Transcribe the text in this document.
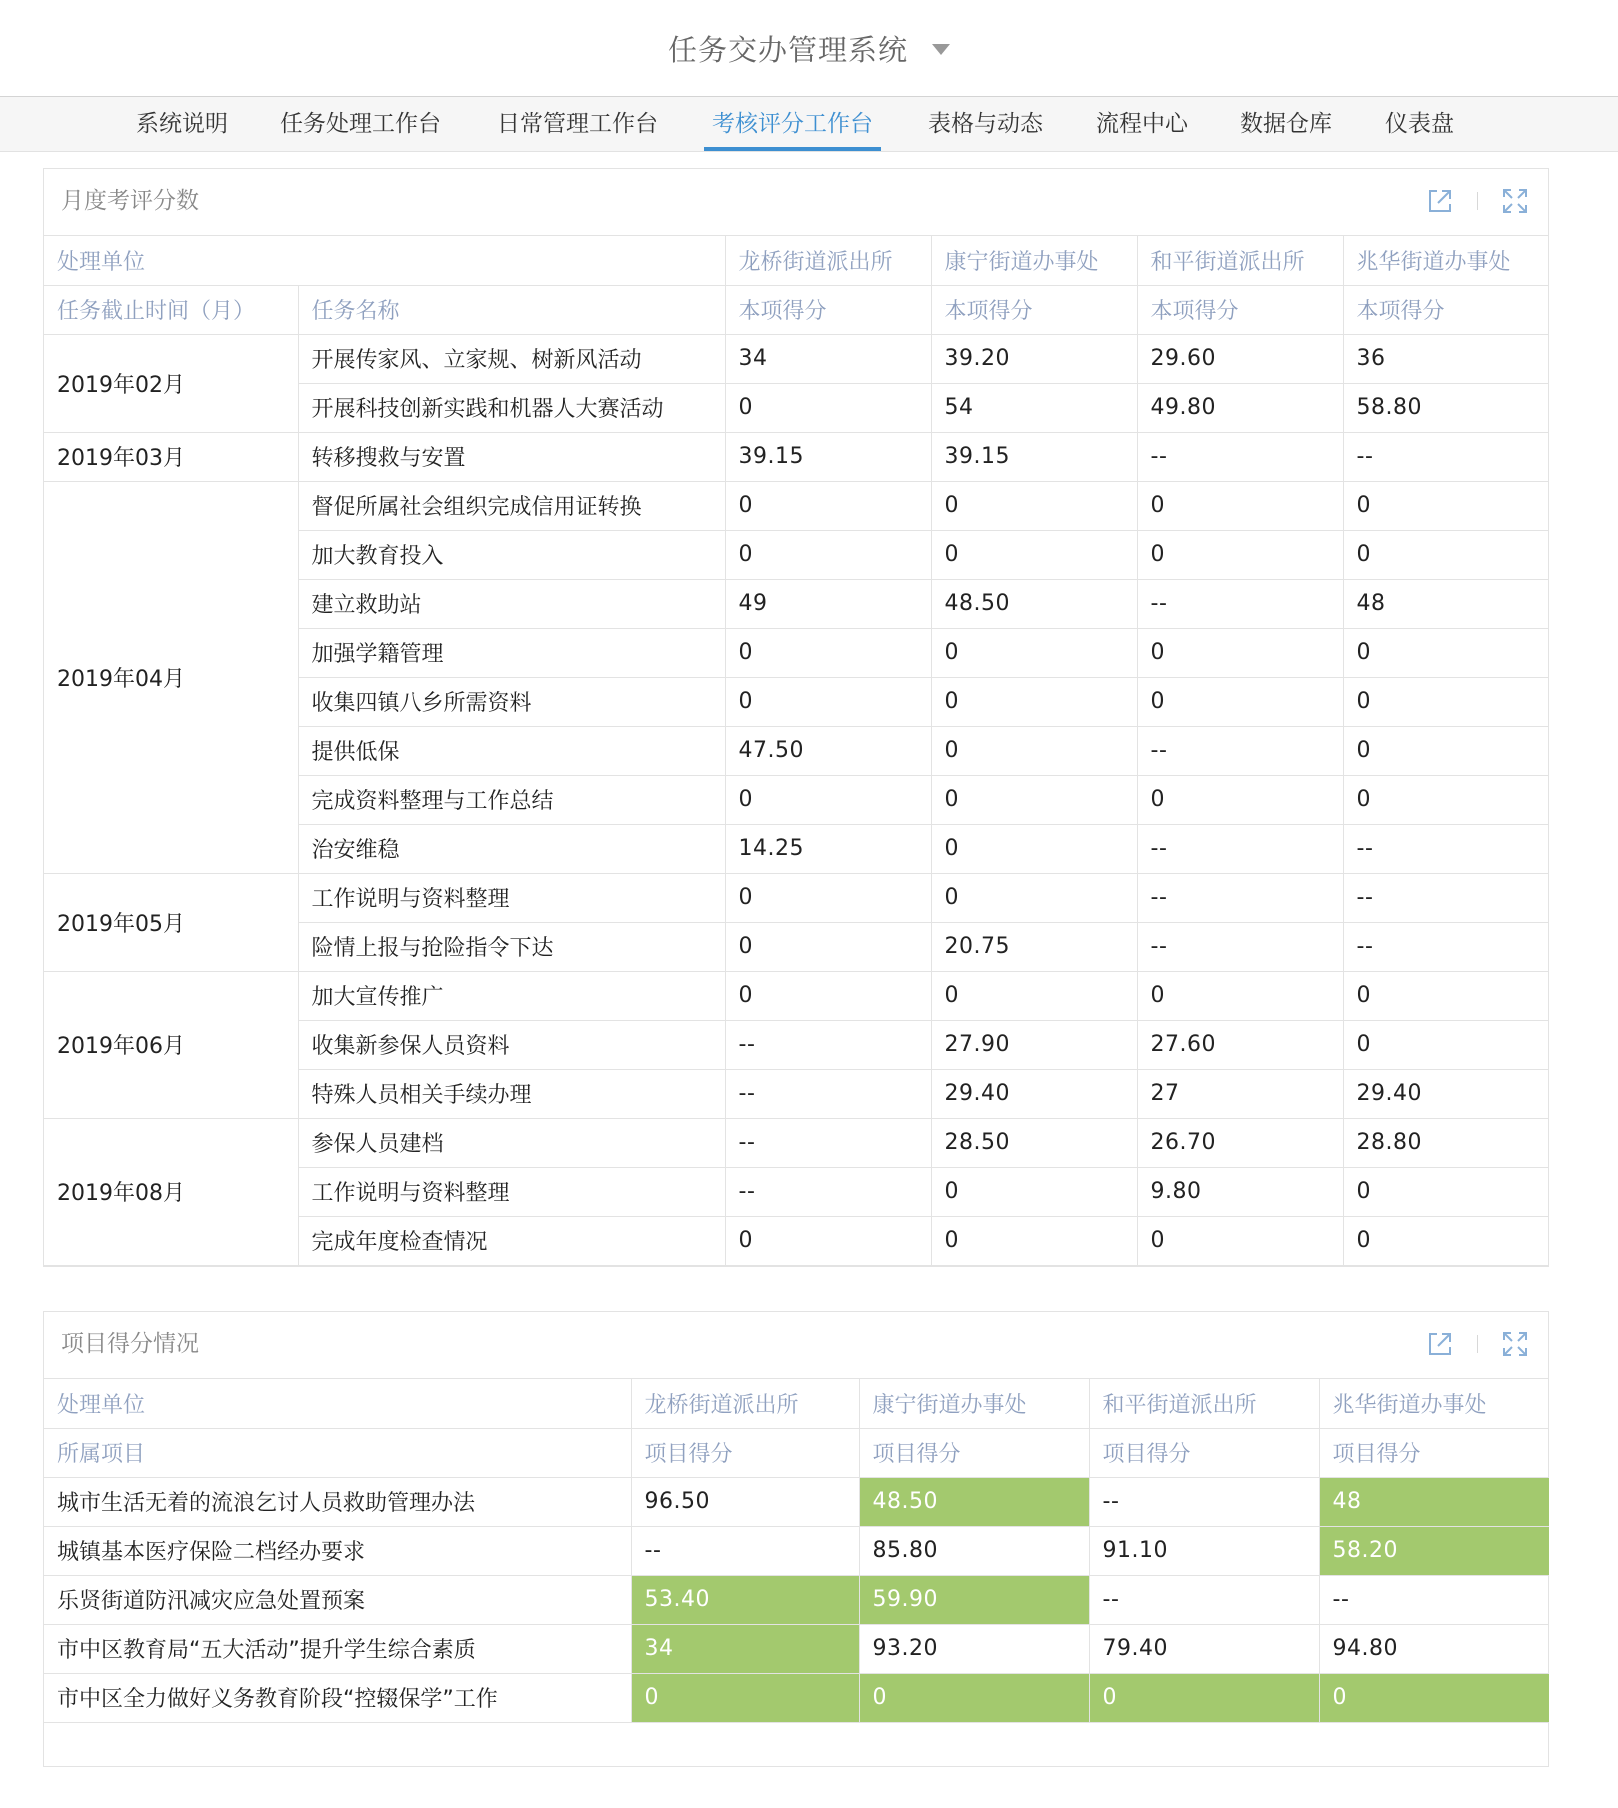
任务交办管理系统
系统说明 任务处理工作台 日常管理工作台 考核评分工作台 表格与动态 流程中心 数据仓库 仪表盘
月度考评分数
处理单位		龙桥街道派出所	康宁街道办事处	和平街道派出所	兆华街道办事处
任务截止时间（月）	任务名称	本项得分	本项得分	本项得分	本项得分
2019年02月	开展传家风、立家规、树新风活动	34	39.20	29.60	36
	开展科技创新实践和机器人大赛活动	0	54	49.80	58.80
2019年03月	转移搜救与安置	39.15	39.15	--	--
2019年04月	督促所属社会组织完成信用证转换	0	0	0	0
	加大教育投入	0	0	0	0
	建立救助站	49	48.50	--	48
	加强学籍管理	0	0	0	0
	收集四镇八乡所需资料	0	0	0	0
	提供低保	47.50	0	--	0
	完成资料整理与工作总结	0	0	0	0
	治安维稳	14.25	0	--	--
2019年05月	工作说明与资料整理	0	0	--	--
	险情上报与抢险指令下达	0	20.75	--	--
2019年06月	加大宣传推广	0	0	0	0
	收集新参保人员资料	--	27.90	27.60	0
	特殊人员相关手续办理	--	29.40	27	29.40
2019年08月	参保人员建档	--	28.50	26.70	28.80
	工作说明与资料整理	--	0	9.80	0
	完成年度检查情况	0	0	0	0
项目得分情况
处理单位	龙桥街道派出所	康宁街道办事处	和平街道派出所	兆华街道办事处
所属项目	项目得分	项目得分	项目得分	项目得分
城市生活无着的流浪乞讨人员救助管理办法	96.50	48.50	--	48
城镇基本医疗保险二档经办要求	--	85.80	91.10	58.20
乐贤街道防汛减灾应急处置预案	53.40	59.90	--	--
市中区教育局“五大活动”提升学生综合素质	34	93.20	79.40	94.80
市中区全力做好义务教育阶段“控辍保学”工作	0	0	0	0
